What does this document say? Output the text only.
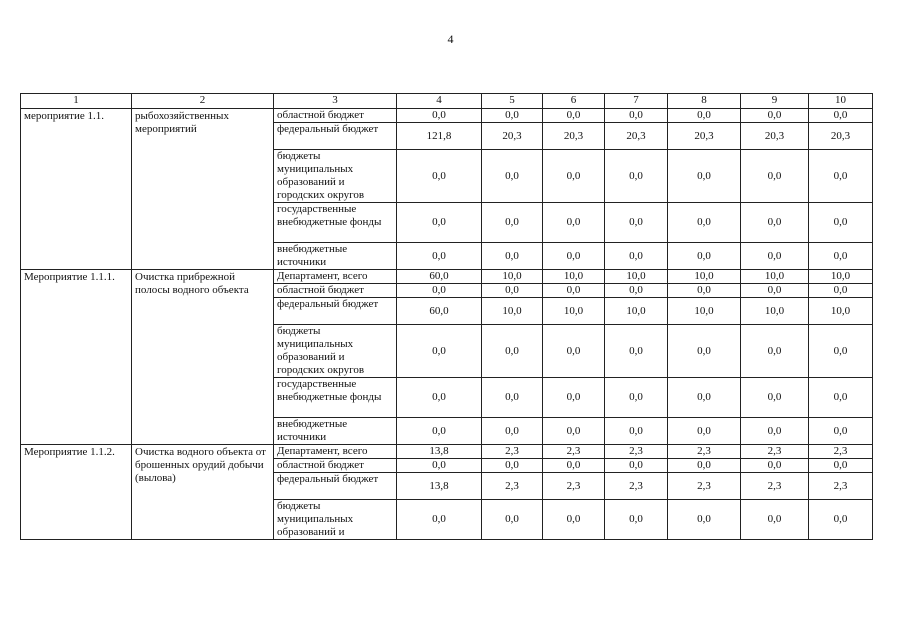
4
1	2	3	4	5	6	7	8	9	10
мероприятие 1.1.	рыбохозяйственных мероприятий	областной бюджет	0,0	0,0	0,0	0,0	0,0	0,0	0,0
		федеральный бюджет	121,8	20,3	20,3	20,3	20,3	20,3	20,3
		бюджеты муниципальных образований и городских округов	0,0	0,0	0,0	0,0	0,0	0,0	0,0
		государственные внебюджетные фонды	0,0	0,0	0,0	0,0	0,0	0,0	0,0
		внебюджетные источники	0,0	0,0	0,0	0,0	0,0	0,0	0,0
Мероприятие 1.1.1.	Очистка прибрежной полосы водного объекта	Департамент, всего	60,0	10,0	10,0	10,0	10,0	10,0	10,0
		областной бюджет	0,0	0,0	0,0	0,0	0,0	0,0	0,0
		федеральный бюджет	60,0	10,0	10,0	10,0	10,0	10,0	10,0
		бюджеты муниципальных образований и городских округов	0,0	0,0	0,0	0,0	0,0	0,0	0,0
		государственные внебюджетные фонды	0,0	0,0	0,0	0,0	0,0	0,0	0,0
		внебюджетные источники	0,0	0,0	0,0	0,0	0,0	0,0	0,0
Мероприятие 1.1.2.	Очистка водного объекта от брошенных орудий добычи (вылова)	Департамент, всего	13,8	2,3	2,3	2,3	2,3	2,3	2,3
		областной бюджет	0,0	0,0	0,0	0,0	0,0	0,0	0,0
		федеральный бюджет	13,8	2,3	2,3	2,3	2,3	2,3	2,3
		бюджеты муниципальных образований и	0,0	0,0	0,0	0,0	0,0	0,0	0,0
